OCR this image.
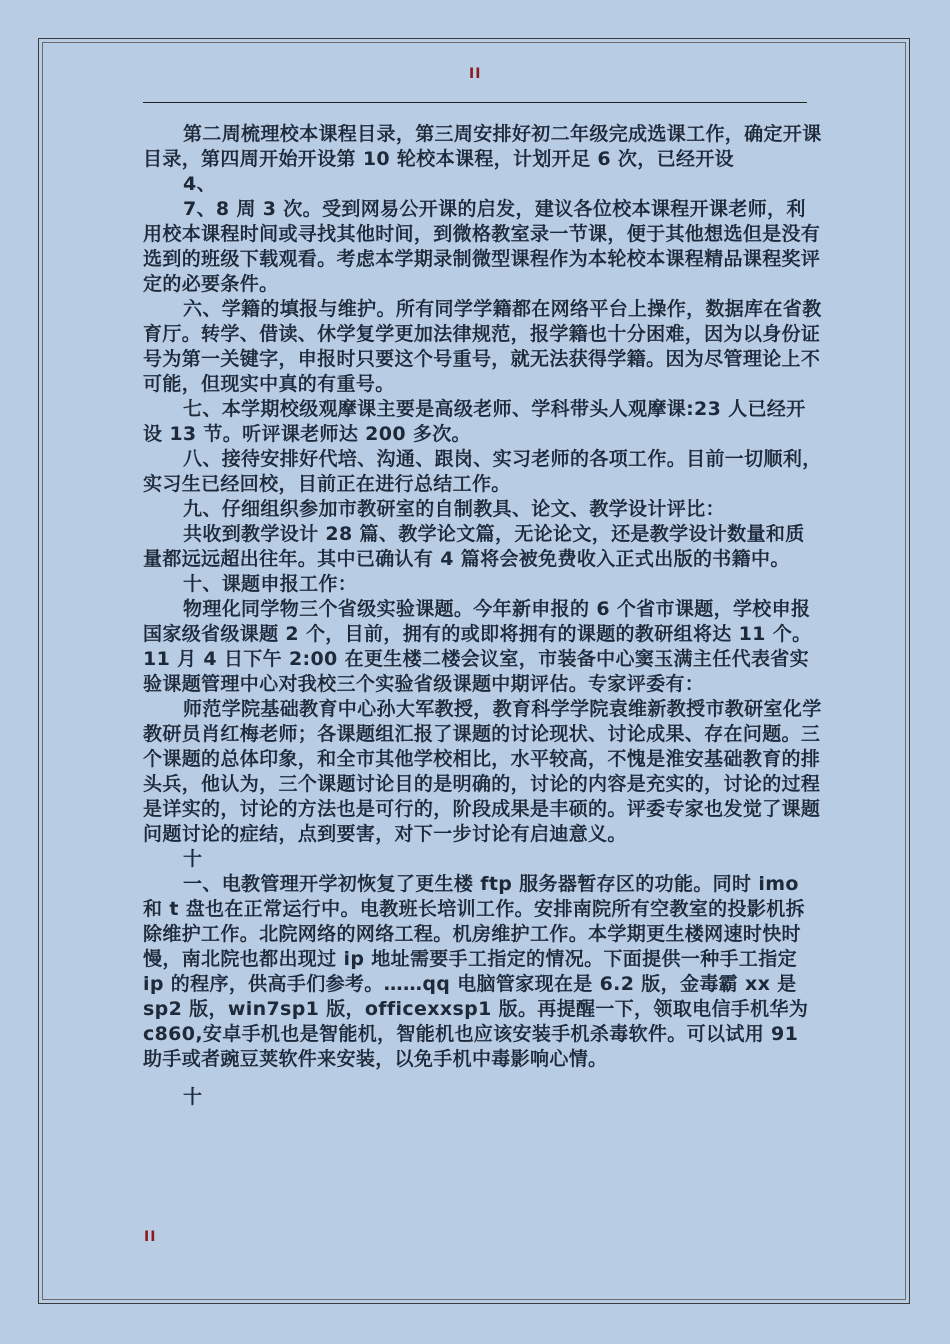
II

第二周梳理校本课程目录，第三周安排好初二年级完成选课工作，确定开课目录，第四周开始开设第 10 轮校本课程，计划开足 6 次，已经开设

4、

7、8 周 3 次。受到网易公开课的启发，建议各位校本课程开课老师，利用校本课程时间或寻找其他时间，到微格教室录一节课，便于其他想选但是没有选到的班级下载观看。考虑本学期录制微型课程作为本轮校本课程精品课程奖评定的必要条件。

六、学籍的填报与维护。所有同学学籍都在网络平台上操作，数据库在省教育厅。转学、借读、休学复学更加法律规范，报学籍也十分困难，因为以身份证号为第一关键字，申报时只要这个号重号，就无法获得学籍。因为尽管理论上不可能，但现实中真的有重号。

七、本学期校级观摩课主要是高级老师、学科带头人观摩课:23 人已经开设 13 节。听评课老师达 200 多次。

八、接待安排好代培、沟通、跟岗、实习老师的各项工作。目前一切顺利，实习生已经回校，目前正在进行总结工作。

九、仔细组织参加市教研室的自制教具、论文、教学设计评比：

共收到教学设计 28 篇、教学论文篇，无论论文，还是教学设计数量和质量都远远超出往年。其中已确认有 4 篇将会被免费收入正式出版的书籍中。

十、课题申报工作：

物理化同学物三个省级实验课题。今年新申报的 6 个省市课题，学校申报国家级省级课题 2 个，目前，拥有的或即将拥有的课题的教研组将达 11 个。11 月 4 日下午 2:00 在更生楼二楼会议室，市装备中心窦玉满主任代表省实验课题管理中心对我校三个实验省级课题中期评估。专家评委有：

师范学院基础教育中心孙大军教授，教育科学学院袁维新教授市教研室化学教研员肖红梅老师；各课题组汇报了课题的讨论现状、讨论成果、存在问题。三个课题的总体印象，和全市其他学校相比，水平较高，不愧是淮安基础教育的排头兵，他认为，三个课题讨论目的是明确的，讨论的内容是充实的，讨论的过程是详实的，讨论的方法也是可行的，阶段成果是丰硕的。评委专家也发觉了课题问题讨论的症结，点到要害，对下一步讨论有启迪意义。

十

一、电教管理开学初恢复了更生楼 ftp 服务器暂存区的功能。同时 imo 和 t 盘也在正常运行中。电教班长培训工作。安排南院所有空教室的投影机拆除维护工作。北院网络的网络工程。机房维护工作。本学期更生楼网速时快时慢，南北院也都出现过 ip 地址需要手工指定的情况。下面提供一种手工指定 ip 的程序，供高手们参考。……qq 电脑管家现在是 6.2 版，金毒霸 xx 是 sp2 版，win7sp1 版，officexxsp1 版。再提醒一下，领取电信手机华为 c860,安卓手机也是智能机，智能机也应该安装手机杀毒软件。可以试用 91 助手或者豌豆荚软件来安装，以免手机中毒影响心情。

十

II
